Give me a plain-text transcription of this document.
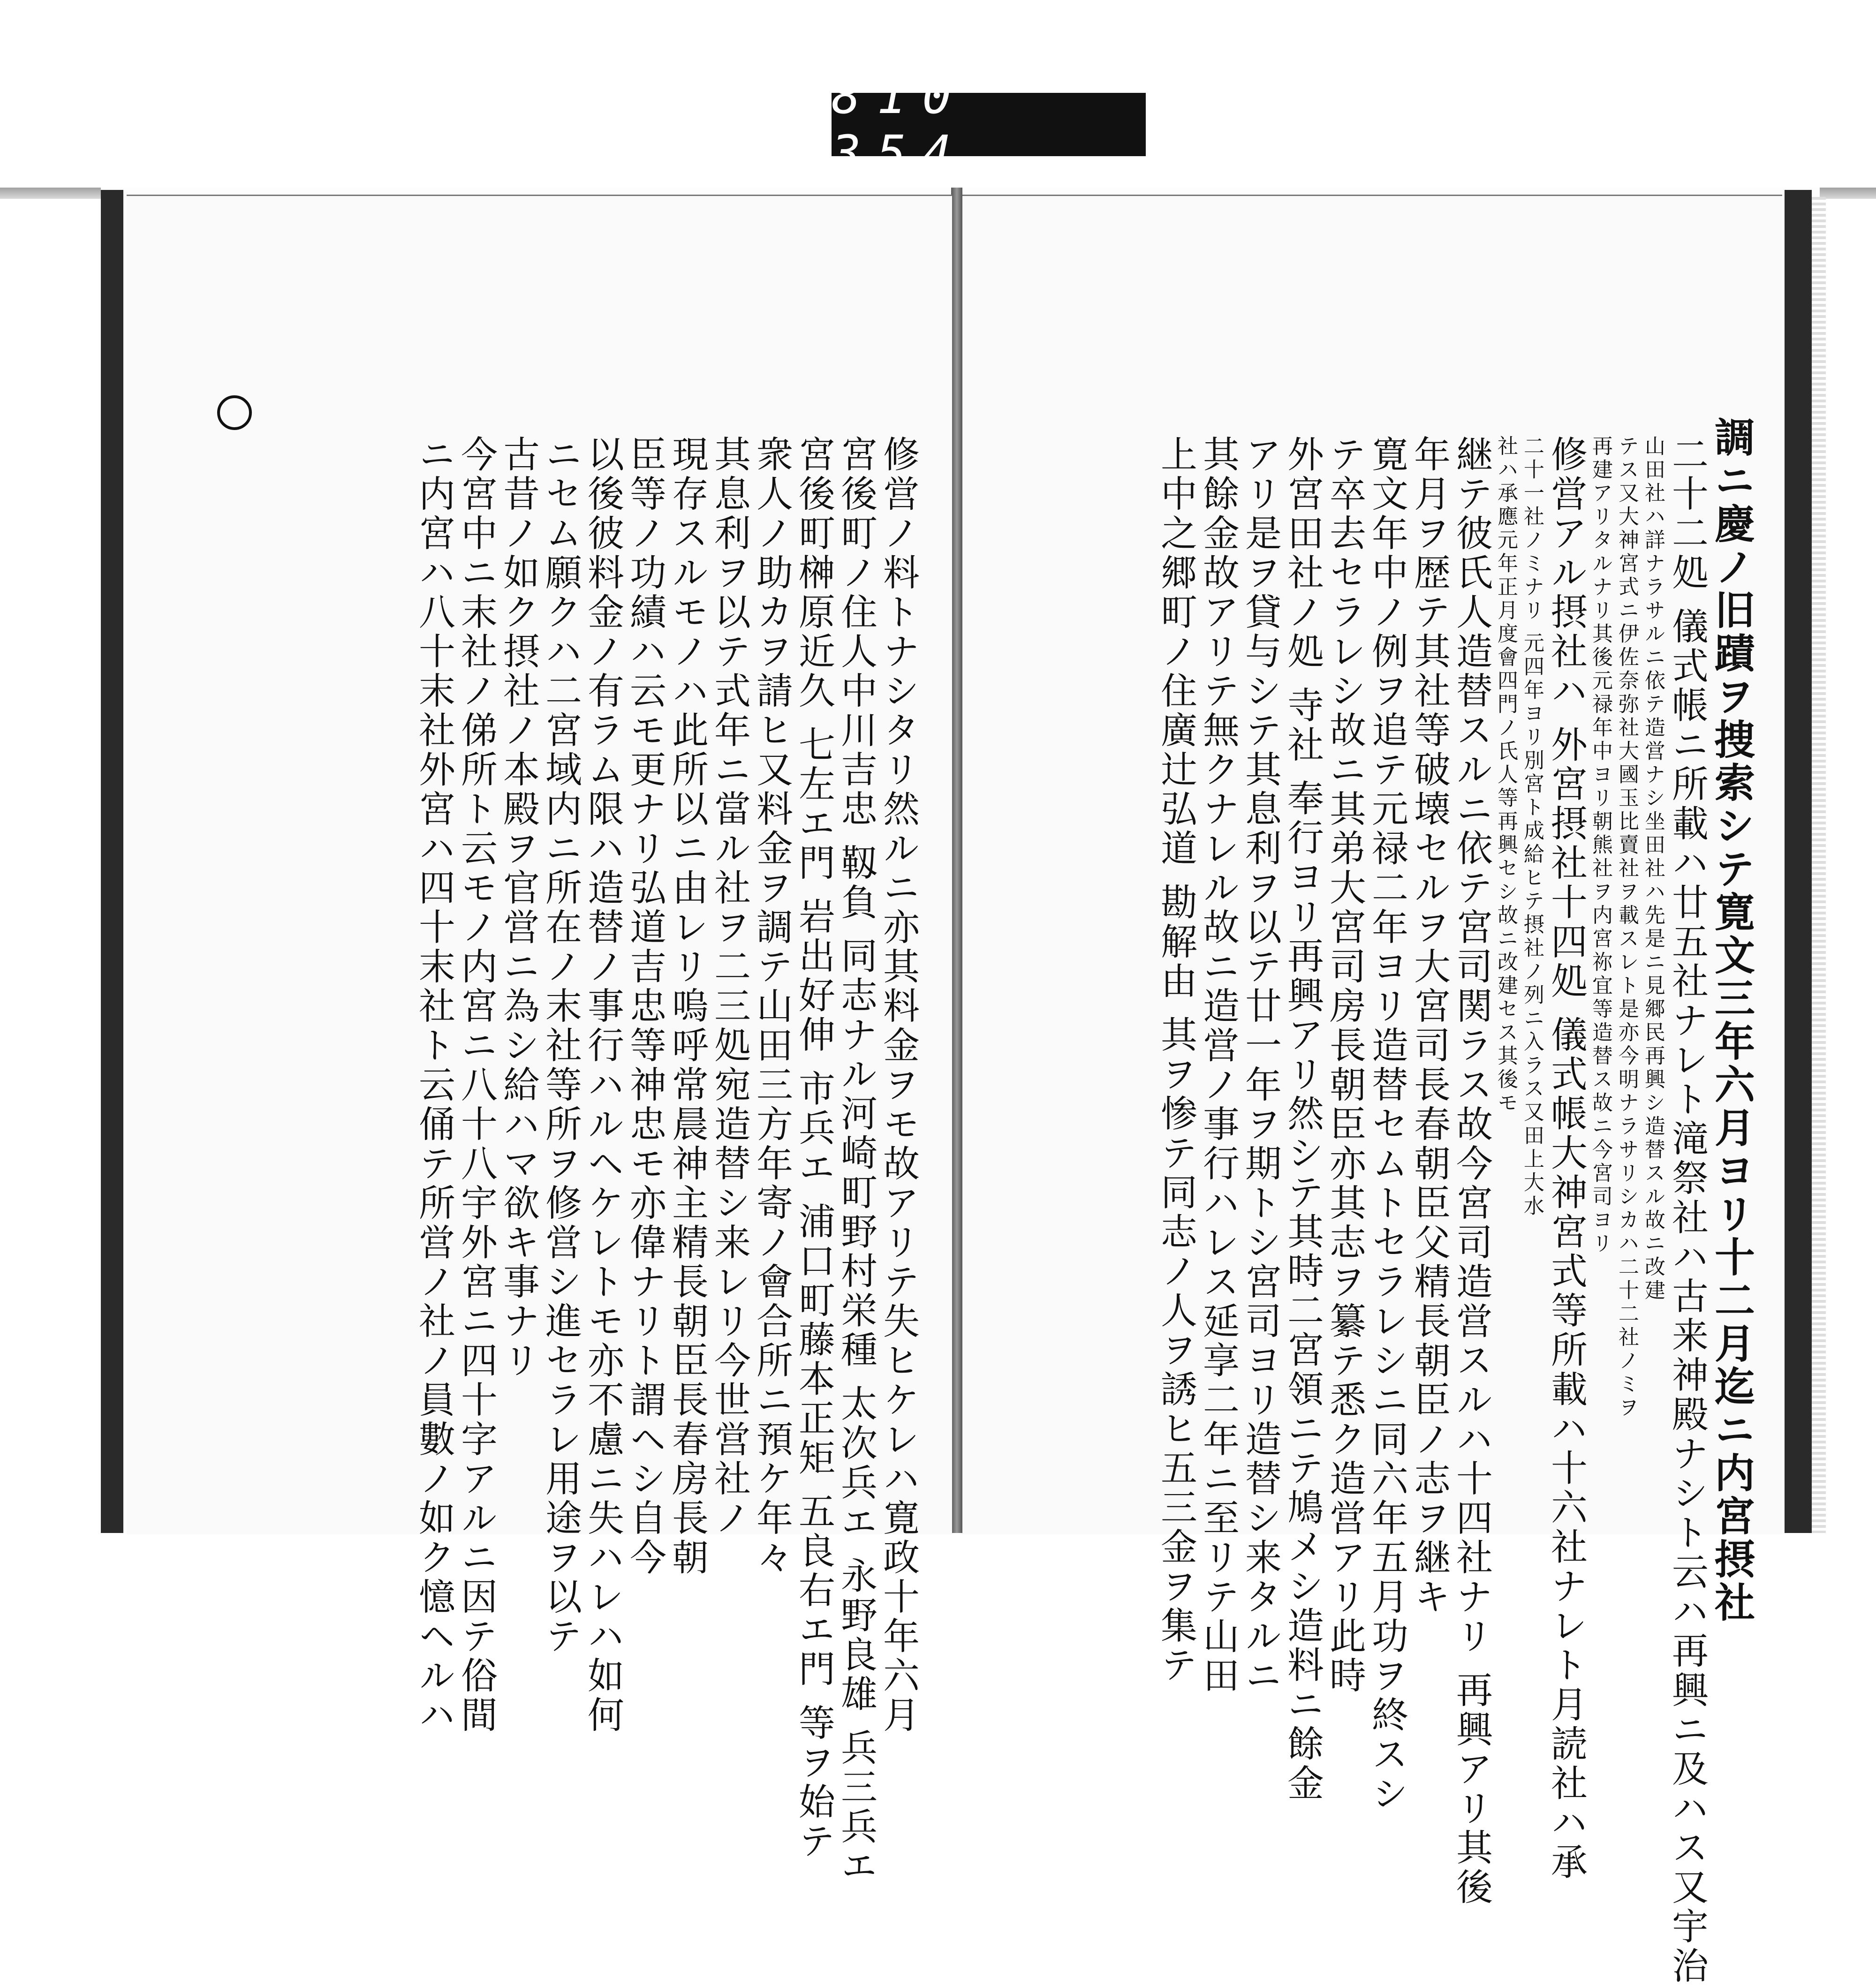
810 354
調ニ慶ノ旧蹟ヲ捜索シテ寛文三年六月ヨリ十二月迄ニ内宮摂社
二十二処 儀式帳ニ所載ハ廿五社ナレト滝祭社ハ古来神殿ナシト云ハ再興ニ及ハス又宇治
山田社ハ詳ナラサルニ依テ造営ナシ坐田社ハ先是ニ見郷民再興シ造替スル故ニ改建
テス又大神宮式ニ伊佐奈弥社大國玉比賣社ヲ載スレト是亦今明ナラサリシカハ二十二社ノミヲ
再建アリタルナリ其後元禄年中ヨリ朝熊社ヲ内宮祢宜等造替ス故ニ今宮司ヨリ
修営アル摂社ハ 外宮摂社十四処 儀式帳大神宮式等所載ハ十六社ナレト月読社ハ承
二十一社ノミナリ 元四年ヨリ別宮ト成給ヒテ摂社ノ列ニ入ラス又田上大水
社ハ承應元年正月度會四門ノ氏人等再興セシ故ニ改建セス其後モ
継テ彼氏人造替スルニ依テ宮司関ラス故今宮司造営スルハ十四社ナリ 再興アリ其後
年月ヲ歴テ其社等破壊セルヲ大宮司長春朝臣父精長朝臣ノ志ヲ継キ
寛文年中ノ例ヲ追テ元禄二年ヨリ造替セムトセラレシニ同六年五月功ヲ終スシ
テ卒去セラレシ故ニ其弟大宮司房長朝臣亦其志ヲ纂テ悉ク造営アリ此時
外宮田社ノ処 寺社 奉行ヨリ再興アリ然シテ其時二宮領ニテ鳩メシ造料ニ餘金
アリ是ヲ貸与シテ其息利ヲ以テ廿一年ヲ期トシ宮司ヨリ造替シ来タルニ
其餘金故アリテ無クナレル故ニ造営ノ事行ハレス延享二年ニ至リテ山田
上中之郷町ノ住廣辻弘道 勘解由 其ヲ惨テ同志ノ人ヲ誘ヒ五三金ヲ集テ
修営ノ料トナシタリ然ルニ亦其料金ヲモ故アリテ失ヒケレハ寛政十年六月
宮後町ノ住人中川吉忠 靱負 同志ナル河崎町野村栄種 太次兵エ 永野良雄 兵三兵エ
宮後町榊原近久 七左エ門 岩出好伸 市兵エ 浦口町藤本正矩 五良右エ門 等ヲ始テ
衆人ノ助カヲ請ヒ又料金ヲ調テ山田三方年寄ノ會合所ニ預ケ年々
其息利ヲ以テ式年ニ當ル社ヲ二三処宛造替シ来レリ今世営社ノ
現存スルモノハ此所以ニ由レリ嗚呼常晨神主精長朝臣長春房長朝
臣等ノ功績ハ云モ更ナリ弘道吉忠等神忠モ亦偉ナリト謂ヘシ自今
以後彼料金ノ有ラム限ハ造替ノ事行ハルヘケレトモ亦不慮ニ失ハレハ如何
ニセム願クハ二宮域内ニ所在ノ末社等所ヲ修営シ進セラレ用途ヲ以テ
古昔ノ如ク摂社ノ本殿ヲ官営ニ為シ給ハマ欲キ事ナリ
今宮中ニ末社ノ俤所ト云モノ内宮ニ八十八宇外宮ニ四十字アルニ因テ俗間
ニ内宮ハ八十末社外宮ハ四十末社ト云俑テ所営ノ社ノ員數ノ如ク憶ヘルハ
